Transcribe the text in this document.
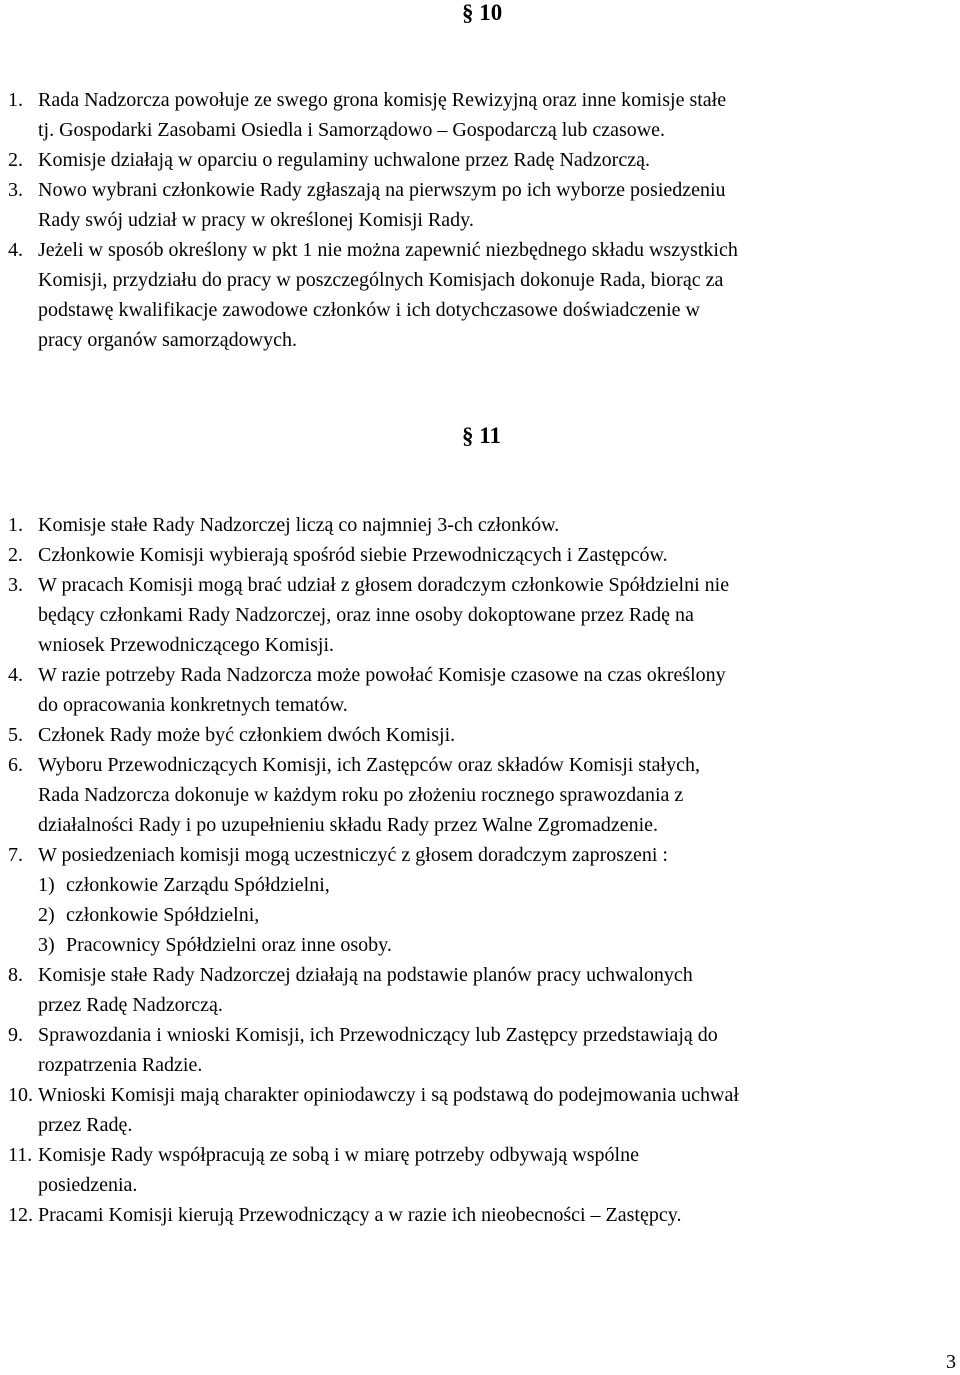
§ 10
1. Rada Nadzorcza powołuje ze swego grona komisję Rewizyjną oraz inne komisje stałe
tj. Gospodarki Zasobami Osiedla i Samorządowo – Gospodarczą lub czasowe.
2. Komisje działają w oparciu o regulaminy uchwalone przez Radę Nadzorczą.
3. Nowo wybrani członkowie Rady zgłaszają na pierwszym po ich wyborze posiedzeniu
Rady swój udział w pracy w określonej Komisji Rady.
4. Jeżeli w sposób określony w pkt 1 nie można zapewnić niezbędnego składu wszystkich
Komisji, przydziału do pracy w poszczególnych Komisjach dokonuje Rada, biorąc za
podstawę kwalifikacje zawodowe członków i ich dotychczasowe doświadczenie w
pracy organów samorządowych.
§ 11
1. Komisje stałe Rady Nadzorczej liczą co najmniej 3-ch członków.
2. Członkowie Komisji wybierają spośród siebie Przewodniczących i Zastępców.
3. W pracach Komisji mogą brać udział z głosem doradczym członkowie Spółdzielni nie
będący członkami Rady Nadzorczej, oraz inne osoby dokoptowane przez Radę na
wniosek Przewodniczącego Komisji.
4. W razie potrzeby Rada Nadzorcza może powołać Komisje czasowe na czas określony
do opracowania konkretnych tematów.
5. Członek Rady może być członkiem dwóch Komisji.
6. Wyboru Przewodniczących Komisji, ich Zastępców oraz składów Komisji stałych,
Rada Nadzorcza dokonuje w każdym roku po złożeniu rocznego sprawozdania z
działalności Rady i po uzupełnieniu składu Rady przez Walne Zgromadzenie.
7. W posiedzeniach komisji mogą uczestniczyć z głosem doradczym zaproszeni :
1) członkowie Zarządu Spółdzielni,
2) członkowie Spółdzielni,
3) Pracownicy Spółdzielni oraz inne osoby.
8. Komisje stałe Rady Nadzorczej działają na podstawie planów pracy uchwalonych
przez Radę Nadzorczą.
9. Sprawozdania i wnioski Komisji, ich Przewodniczący lub Zastępcy przedstawiają do
rozpatrzenia Radzie.
10. Wnioski Komisji mają charakter opiniodawczy i są podstawą do podejmowania uchwał
przez Radę.
11. Komisje Rady współpracują ze sobą i w miarę potrzeby odbywają wspólne
posiedzenia.
12. Pracami Komisji kierują Przewodniczący a w razie ich nieobecności – Zastępcy.
3
